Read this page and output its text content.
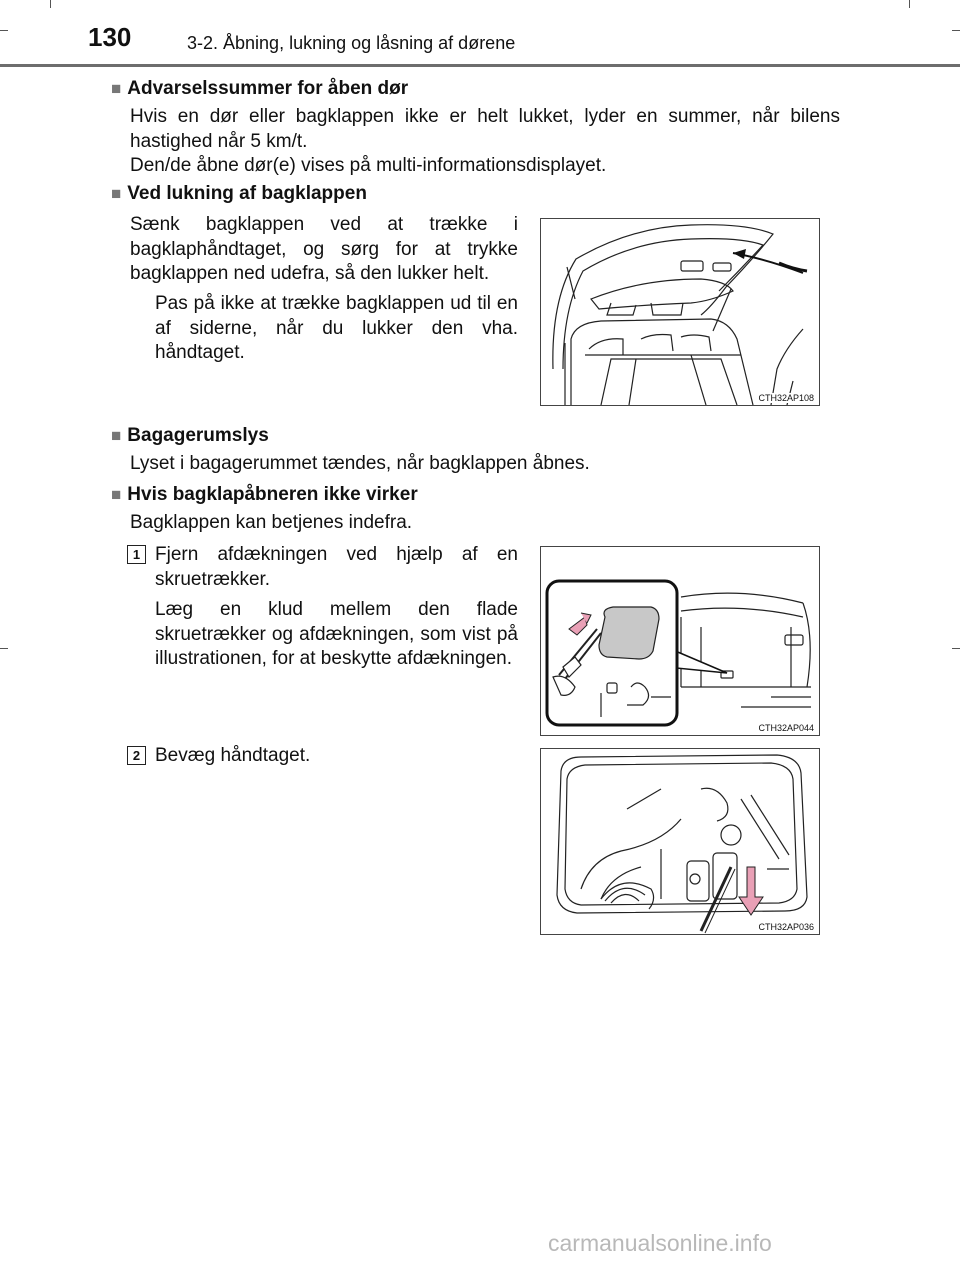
130	3-2. Åbning, lukning og låsning af dørene
■ Advarselssummer for åben dør

Hvis en dør eller bagklappen ikke er helt lukket, lyder en summer, når bilens hastighed når 5 km/t.

Den/de åbne dør(e) vises på multi-informationsdisplayet.

■ Ved lukning af bagklappen

Sænk bagklappen ved at trække i bagklaphåndtaget, og sørg for at trykke bagklappen ned udefra, så den lukker helt.

Pas på ikke at trække bagklappen ud til en af siderne, når du lukker den vha. håndtaget.

CTH32AP108
■ Bagagerumslys

Lyset i bagagerummet tændes, når bagklappen åbnes.

■ Hvis bagklapåbneren ikke virker

Bagklappen kan betjenes indefra.

1 Fjern afdækningen ved hjælp af en skruetrækker.

Læg en klud mellem den flade skruetrækker og afdækningen, som vist på illustrationen, for at beskytte afdækningen.

CTH32AP044
2 Bevæg håndtaget.

CTH32AP036
carmanualsonline.info
